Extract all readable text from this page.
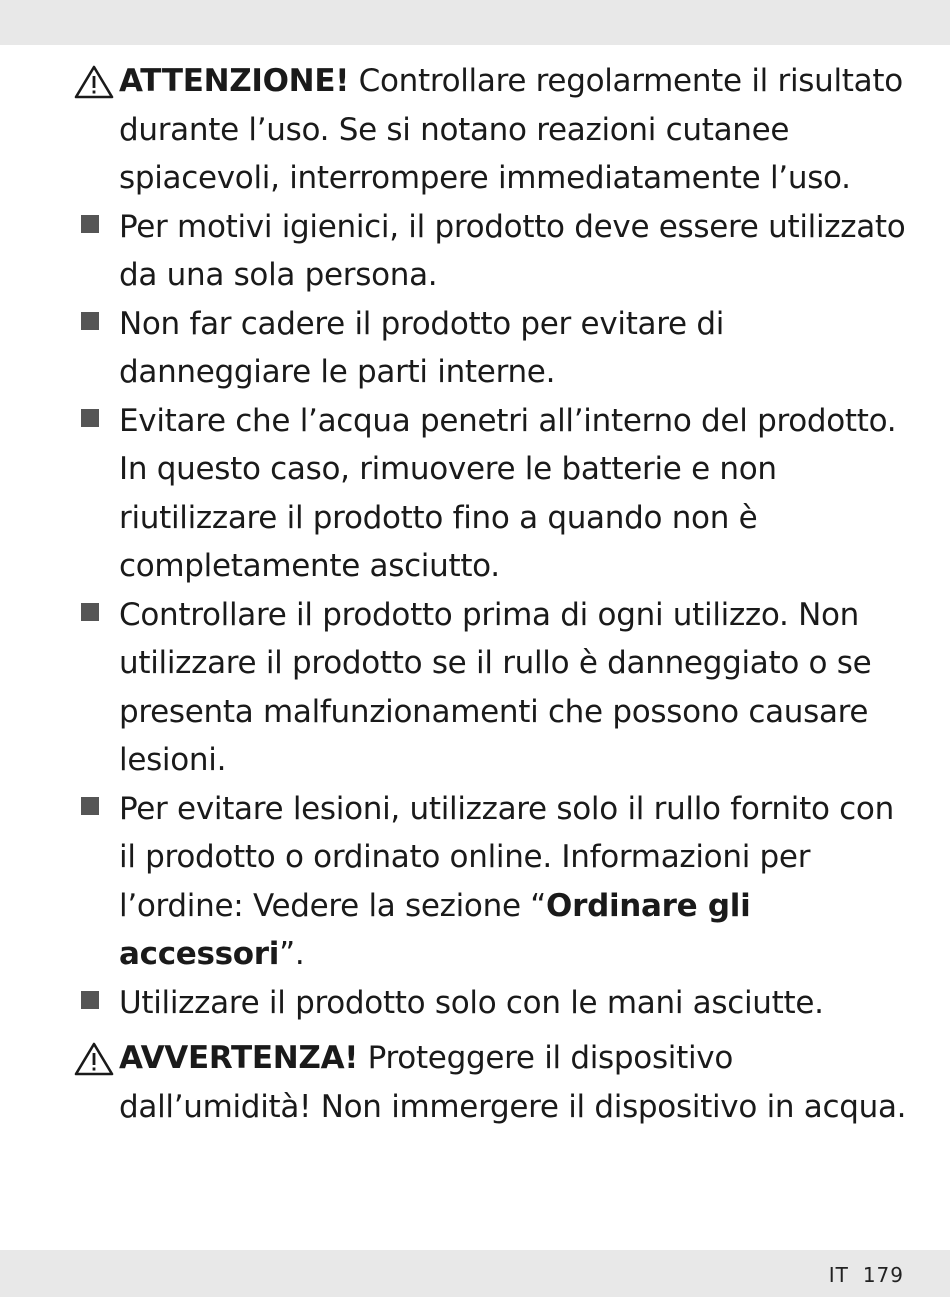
ATTENZIONE! Controllare regolarmente il risultato durante l’uso. Se si notano reazioni cutanee spiacevoli, interrompere immediatamente l’uso.
Per motivi igienici, il prodotto deve essere utilizzato da una sola persona.
Non far cadere il prodotto per evitare di danneggiare le parti interne.
Evitare che l’acqua penetri all’interno del prodotto. In questo caso, rimuovere le batterie e non riutilizzare il prodotto fino a quando non è completamente asciutto.
Controllare il prodotto prima di ogni utilizzo. Non utilizzare il prodotto se il rullo è danneggiato o se presenta malfunzionamenti che possono causare lesioni.
Per evitare lesioni, utilizzare solo il rullo fornito con il prodotto o ordinato online. Informazioni per l’ordine: Vedere la sezione “Ordinare gli accessori”.
Utilizzare il prodotto solo con le mani asciutte.
AVVERTENZA! Proteggere il dispositivo dall’umidità! Non immergere il dispositivo in acqua.
IT 179
